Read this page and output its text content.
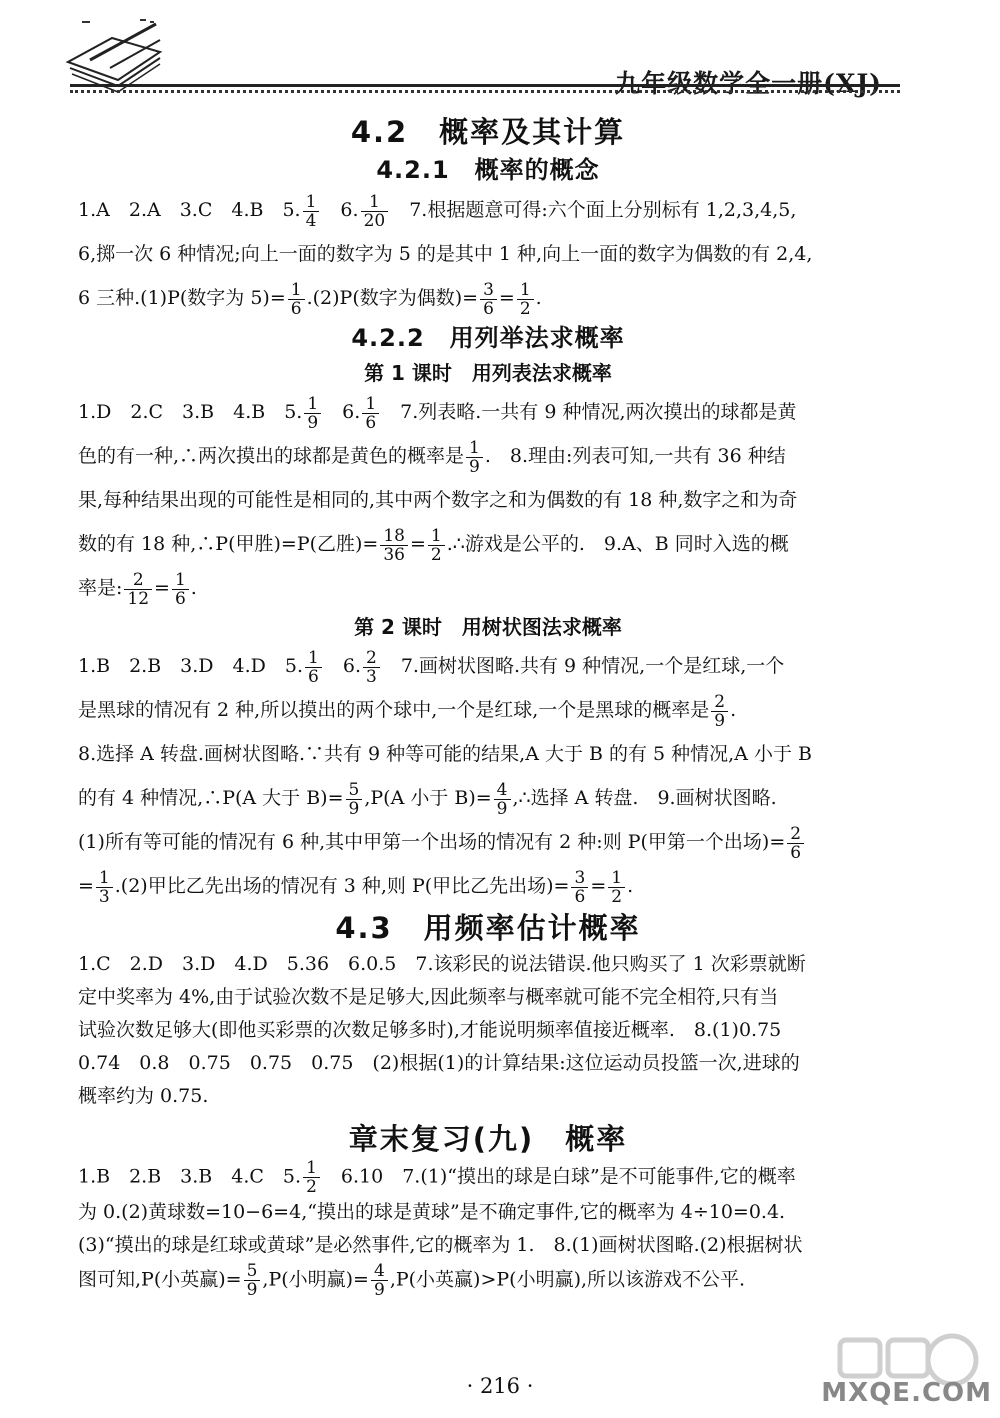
九年级数学全一册(XJ)
4.2　概率及其计算
4.2.1　概率的概念

1.A　2.A　3.C　4.B　5. $\frac{1}{4}$ 　6. $\frac{1}{20}$ 　7.根据题意可得:六个面上分别标有 1,2,3,4,5,
6,掷一次 6 种情况;向上一面的数字为 5 的是其中 1 种,向上一面的数字为偶数的有 2,4,
6 三种.(1)P(数字为 $5)= \frac{1}{6} .(2)P$(数字为偶数)= $\frac{3}{6} = \frac{1}{2}$ .

4.2.2　用列举法求概率
第 1 课时　用列表法求概率

1.D　2.C　3.B　4.B　5. $\frac{1}{9}$ 　6. $\frac{1}{6}$ 　7.列表略.一共有 9 种情况,两次摸出的球都是黄
色的有一种,∴两次摸出的球都是黄色的概率是 $\frac{1}{9}$ .　8.理由:列表可知,一共有 36 种结
果,每种结果出现的可能性是相同的,其中两个数字之和为偶数的有 18 种,数字之和为奇
数的有 18 种,∴P(甲胜)=P(乙胜)= $\frac{18}{36} = \frac{1}{2}$ .∴游戏是公平的.　9.A、B 同时入选的概
率是: $\frac{2}{12} = \frac{1}{6}$ .

第 2 课时　用树状图法求概率

1.B　2.B　3.D　4.D　5. $\frac{1}{6}$ 　6. $\frac{2}{3}$ 　7.画树状图略.共有 9 种情况,一个是红球,一个
是黑球的情况有 2 种,所以摸出的两个球中,一个是红球,一个是黑球的概率是 $\frac{2}{9}$ .
8.选择 A 转盘.画树状图略.∵共有 9 种等可能的结果,A 大于 B 的有 5 种情况,A 小于 B
的有 4 种情况,∴P(A 大于 $B)= \frac{5}{9} ,P(A$ 小于 $B)= \frac{4}{9}$ ,∴选择 A 转盘.　9.画树状图略.
(1)所有等可能的情况有 6 种,其中甲第一个出场的情况有 2 种:则 P(甲第一个出场)= $\frac{2}{6}$

= $\frac{1}{3} .(2)$甲比乙先出场的情况有 3 种,则 P(甲比乙先出场)= $\frac{3}{6} = \frac{1}{2}$ .

4.3　用频率估计概率

1.C　2.D　3.D　4.D　5.36　6.0.5　7.该彩民的说法错误.他只购买了 1 次彩票就断
定中奖率为 4%,由于试验次数不是足够大,因此频率与概率就可能不完全相符,只有当
试验次数足够大(即他买彩票的次数足够多时),才能说明频率值接近概率.　8.(1)0.75
0.74　0.8　0.75　0.75　0.75　(2)根据(1)的计算结果:这位运动员投篮一次,进球的
概率约为 0.75.

章末复习(九)　概率

1.B　2.B　3.B　4.C　5. $\frac{1}{2}$ 　6.10　7.(1)“摸出的球是白球”是不可能事件,它的概率
为 0.(2)黄球数=10−6=4,“摸出的球是黄球”是不确定事件,它的概率为 4÷10=0.4.
(3)“摸出的球是红球或黄球”是必然事件,它的概率为 1.　8.(1)画树状图略.(2)根据树状
图可知,P(小英赢)= $\frac{5}{9} ,P$(小明赢)= $\frac{4}{9} ,P$(小英赢)>P(小明赢),所以该游戏不公平.

· 216 ·	MXQE.COM
